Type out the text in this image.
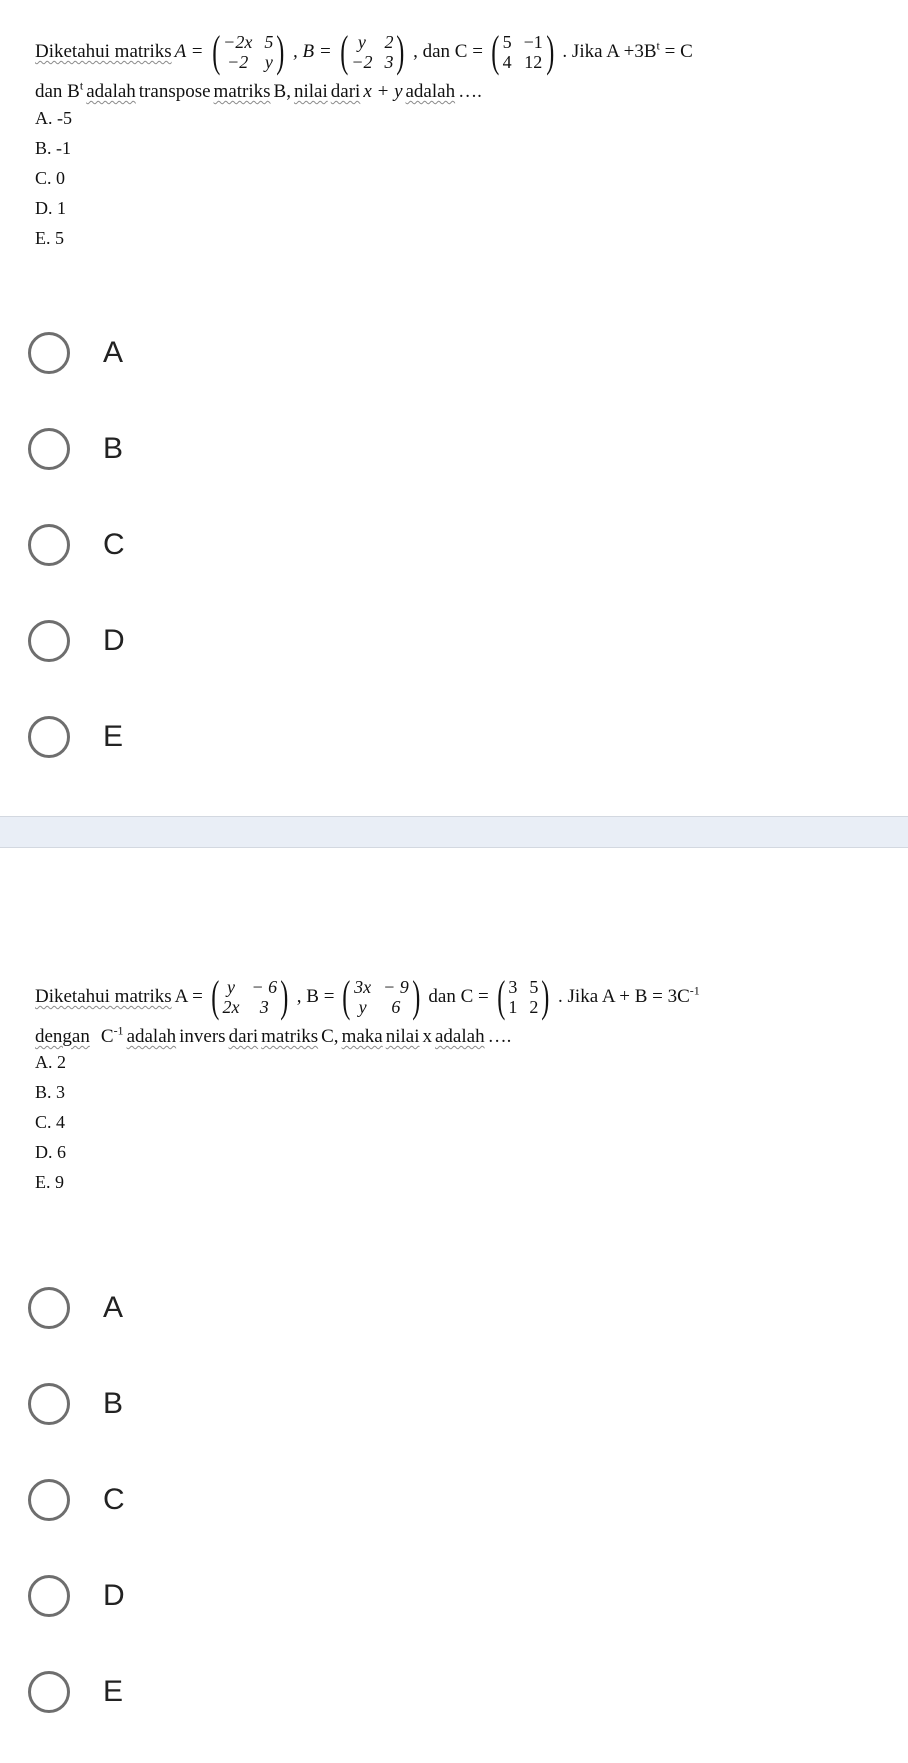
Diketahui matriks A = ( −2x 5
−2 y ) , B = ( y	2
−2 3 ) , dan C = ( 5 −1
4 12 ) . Jika $A +3B^t = C$
dan $B^t$ adalah transpose matriks B, nilai dari x + y adalah ….
A. -5
B. -1
C. 0
D. 1
E. 5
A
B
C
D
E
Diketahui matriks A = ( y − 6
2x	3 ) , B = ( 3x − 9
y	6 ) dan C = ( 3 5
1 2 ) . Jika $A + B = 3C^{-1}$
dengan $C^{-1}$ adalah invers dari matriks C, maka nilai x adalah ….
A. 2
B. 3
C. 4
D. 6
E. 9
A
B
C
D
E
